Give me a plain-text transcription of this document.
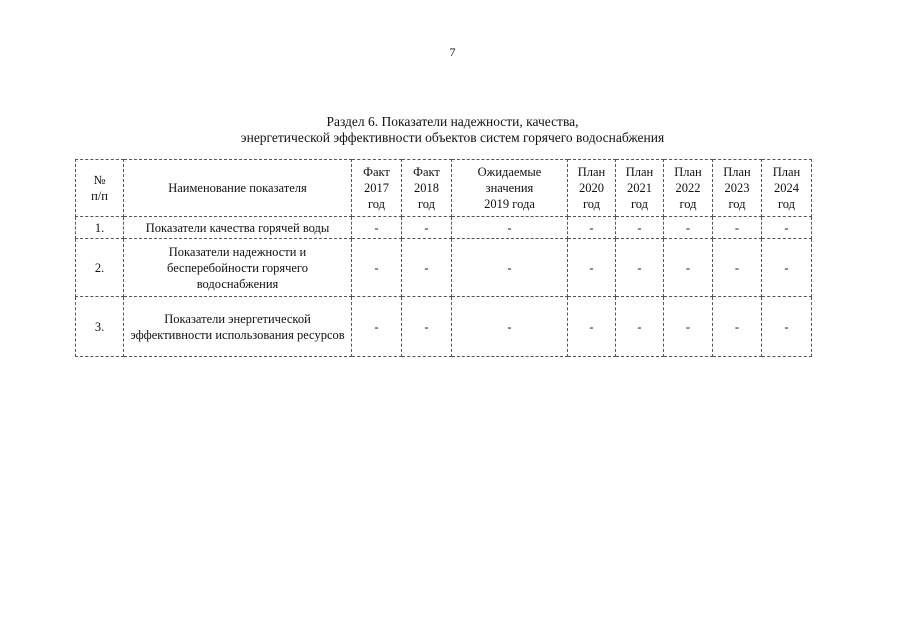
7
Раздел 6. Показатели надежности, качества,
энергетической эффективности объектов систем горячего водоснабжения
№
п/п	Наименование показателя	Факт
2017
год	Факт
2018
год	Ожидаемые
значения
2019 года	План
2020
год	План
2021
год	План
2022
год	План
2023
год	План
2024
год

1.	Показатели качества горячей воды	-	-	-	-	-	-	-	-
2.	Показатели надежности и бесперебойности горячего водоснабжения	-	-	-	-	-	-	-	-
3.	Показатели энергетической эффективности использования ресурсов	-	-	-	-	-	-	-	-
